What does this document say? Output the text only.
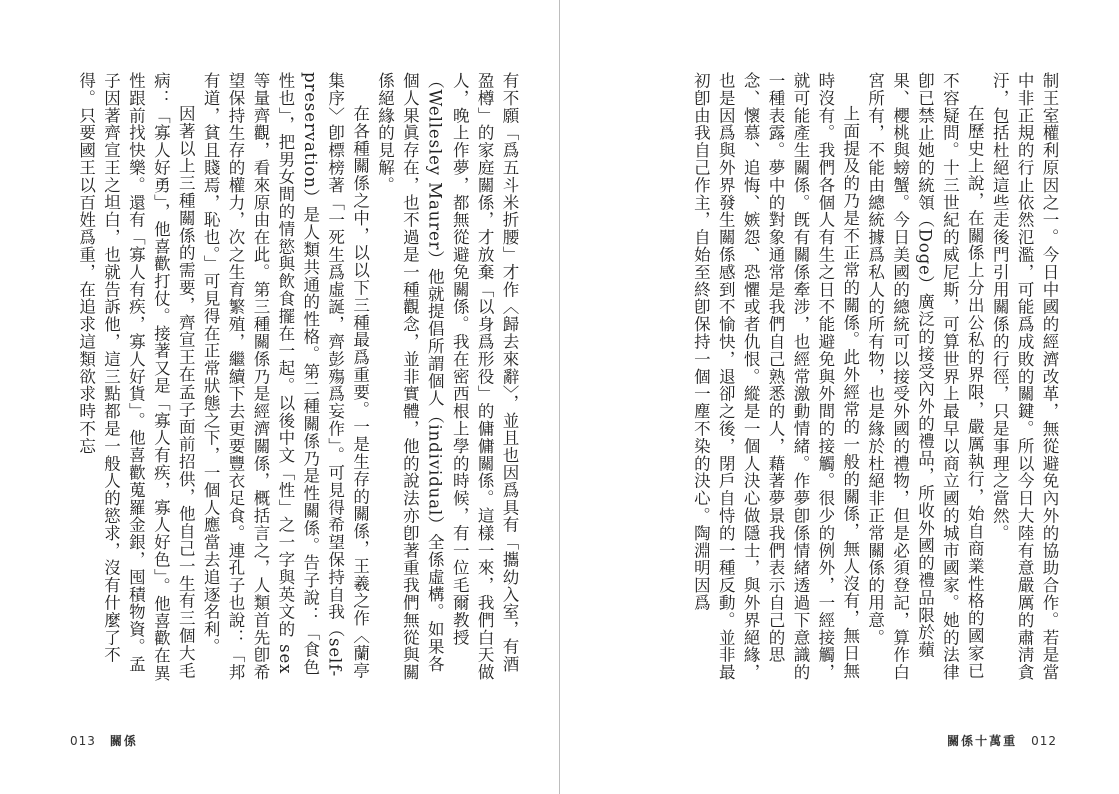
有不願「爲五斗米折腰」才作〈歸去來辭〉，並且也因爲具有「攜幼入室，有酒盈樽」的家庭關係，才放棄「以身爲形役」的傭傭關係。這樣一來，我們白天做人，晚上作夢，都無從避免關係。我在密西根上學的時候，有一位毛爾教授（Wellesley Maurer）他就提倡所謂個人（individual）全係虛構。如果各個人果眞存在，也不過是一種觀念，並非實體，他的說法亦卽著重我們無從與關係絕緣的見解。

在各種關係之中，以以下三種最爲重要。一是生存的關係，王羲之作〈蘭亭集序〉卽標榜著「一死生爲虛誕，齊彭殤爲妄作」。可見得希望保持自我（self-preservation）是人類共通的性格。第二種關係乃是性關係。告子說：「食色性也」，把男女間的情慾與飲食擺在一起。以後中文「性」之一字與英文的 sex 等量齊觀，看來原由在此。第三種關係乃是經濟關係，概括言之，人類首先卽希望保持生存的權力，次之生育繁殖，繼續下去更要豐衣足食。連孔子也說：「邦有道，貧且賤焉，恥也。」可見得在正常狀態之下，一個人應當去追逐名利。

因著以上三種關係的需要，齊宣王在孟子面前招供，他自己一生有三個大毛病：「寡人好勇」，他喜歡打仗。接著又是「寡人有疾，寡人好色」。他喜歡在異性跟前找快樂。還有「寡人有疾，寡人好貨」。他喜歡蒐羅金銀，囤積物資。孟子因著齊宣王之坦白，也就告訴他，這三點都是一般人的慾求，沒有什麼了不得。只要國王以百姓爲重，在追求這類欲求時不忘

013 關係

制王室權利原因之一。今日中國的經濟改革，無從避免內外的協助合作。若是當中非正規的行止依然氾濫，可能爲成敗的關鍵。所以今日大陸有意嚴厲的肅淸貪汙，包括杜絕這些走後門引用關係的行徑，只是事理之當然。

在歷史上說，在關係上分出公私的界限，嚴厲執行，始自商業性格的國家已不容疑問。十三世紀的威尼斯，可算世界上最早以商立國的城市國家。她的法律卽已禁止她的統領（Doge）廣泛的接受內外的禮品，所收外國的禮品限於蘋果、櫻桃與螃蟹。今日美國的總統可以接受外國的禮物，但是必須登記，算作白宮所有，不能由總統據爲私人的所有物，也是緣於杜絕非正常關係的用意。

上面提及的乃是不正常的關係。此外經常的一般的關係，無人沒有，無日無時沒有。我們各個人有生之日不能避免與外間的接觸。很少的例外，一經接觸，就可能產生關係。旣有關係牽涉，也經常激動情緒。作夢卽係情緒透過下意識的一種表露。夢中的對象通常是我們自己熟悉的人，藉著夢景我們表示自己的思念、懷慕、追悔、嫉怨、恐懼或者仇恨。縱是一個人決心做隱士，與外界絕緣，也是因爲與外界發生關係感到不愉快，退卻之後，閉戶自恃的一種反動。並非最初卽由我自己作主，自始至終卽保持一個一塵不染的決心。陶淵明因爲

關係十萬重 012
